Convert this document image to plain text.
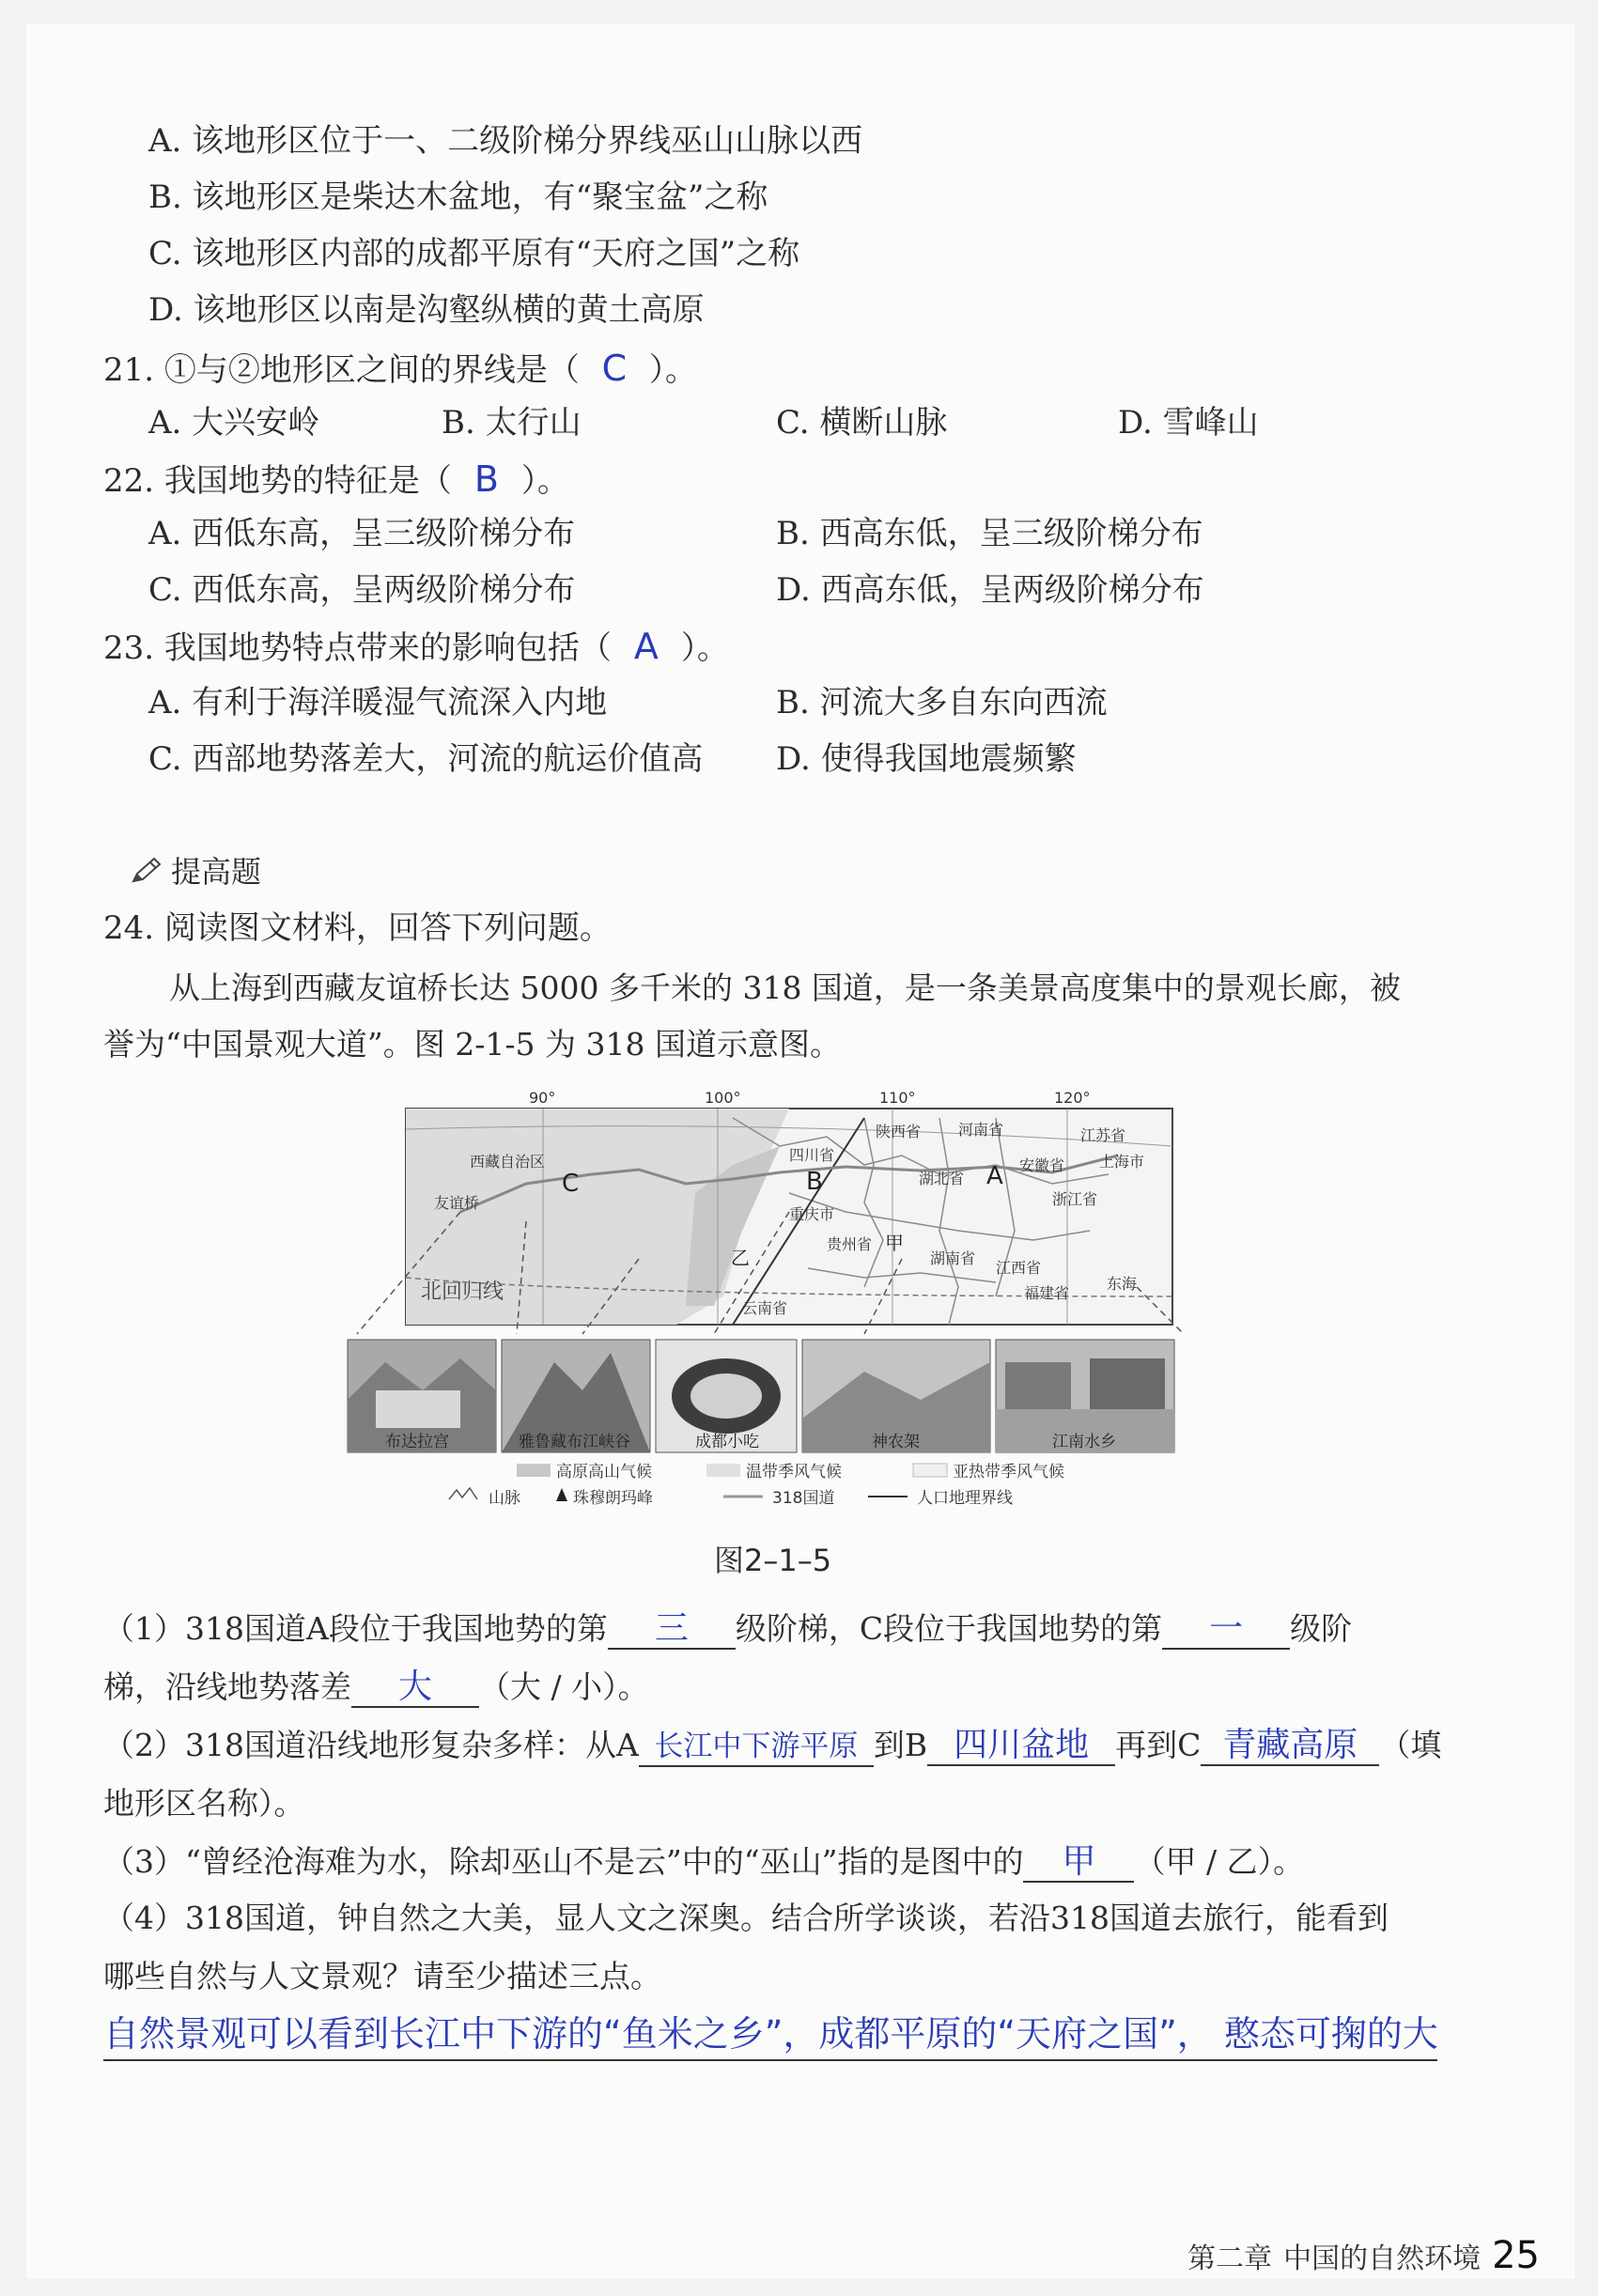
A. 该地形区位于一、二级阶梯分界线巫山山脉以西
B. 该地形区是柴达木盆地，有“聚宝盆”之称
C. 该地形区内部的成都平原有“天府之国”之称
D. 该地形区以南是沟壑纵横的黄土高原
21. ①与②地形区之间的界线是（ C ）。
A. 大兴安岭	B. 太行山	C. 横断山脉	D. 雪峰山
22. 我国地势的特征是（ B ）。
A. 西低东高，呈三级阶梯分布	B. 西高东低，呈三级阶梯分布
C. 西低东高，呈两级阶梯分布	D. 西高东低，呈两级阶梯分布
23. 我国地势特点带来的影响包括（ A ）。
A. 有利于海洋暖湿气流深入内地	B. 河流大多自东向西流
C. 西部地势落差大，河流的航运价值高 D. 使得我国地震频繁
提高题
24. 阅读图文材料，回答下列问题。
从上海到西藏友谊桥长达 5000 多千米的 318 国道，是一条美景高度集中的景观长廊，被
誉为“中国景观大道”。图 2-1-5 为 318 国道示意图。
90°	100°	110°	120°
C	B	A
甲
乙
西藏自治区	四川省
陕西省 河南省	江苏省
安徽省
湖北省
上海市
浙江省
重庆市
贵州省
湖南省
江西省
福建省
云南省
东海
友谊桥
北回归线
布达拉宫	雅鲁藏布江峡谷	成都小吃	神农架	江南水乡
高原高山气候	温带季风气候	亚热带季风气候
山脉	珠穆朗玛峰	318国道	人口地理界线
图2–1–5
（1）318国道A段位于我国地势的第 三 级阶梯，C段位于我国地势的第 一 级阶
梯，沿线地势落差 大 （大 / 小）。
（2）318国道沿线地形复杂多样：从A 长江中下游平原 到B 四川盆地 再到C 青藏高原 （填
地形区名称）。
（3）“曾经沧海难为水，除却巫山不是云”中的“巫山”指的是图中的 甲 （甲 / 乙）。
（4）318国道，钟自然之大美，显人文之深奥。结合所学谈谈，若沿318国道去旅行，能看到
哪些自然与人文景观？请至少描述三点。
自然景观可以看到长江中下游的“鱼米之乡”，成都平原的“天府之国”， 憨态可掬的大
第二章 中国的自然环境 25
